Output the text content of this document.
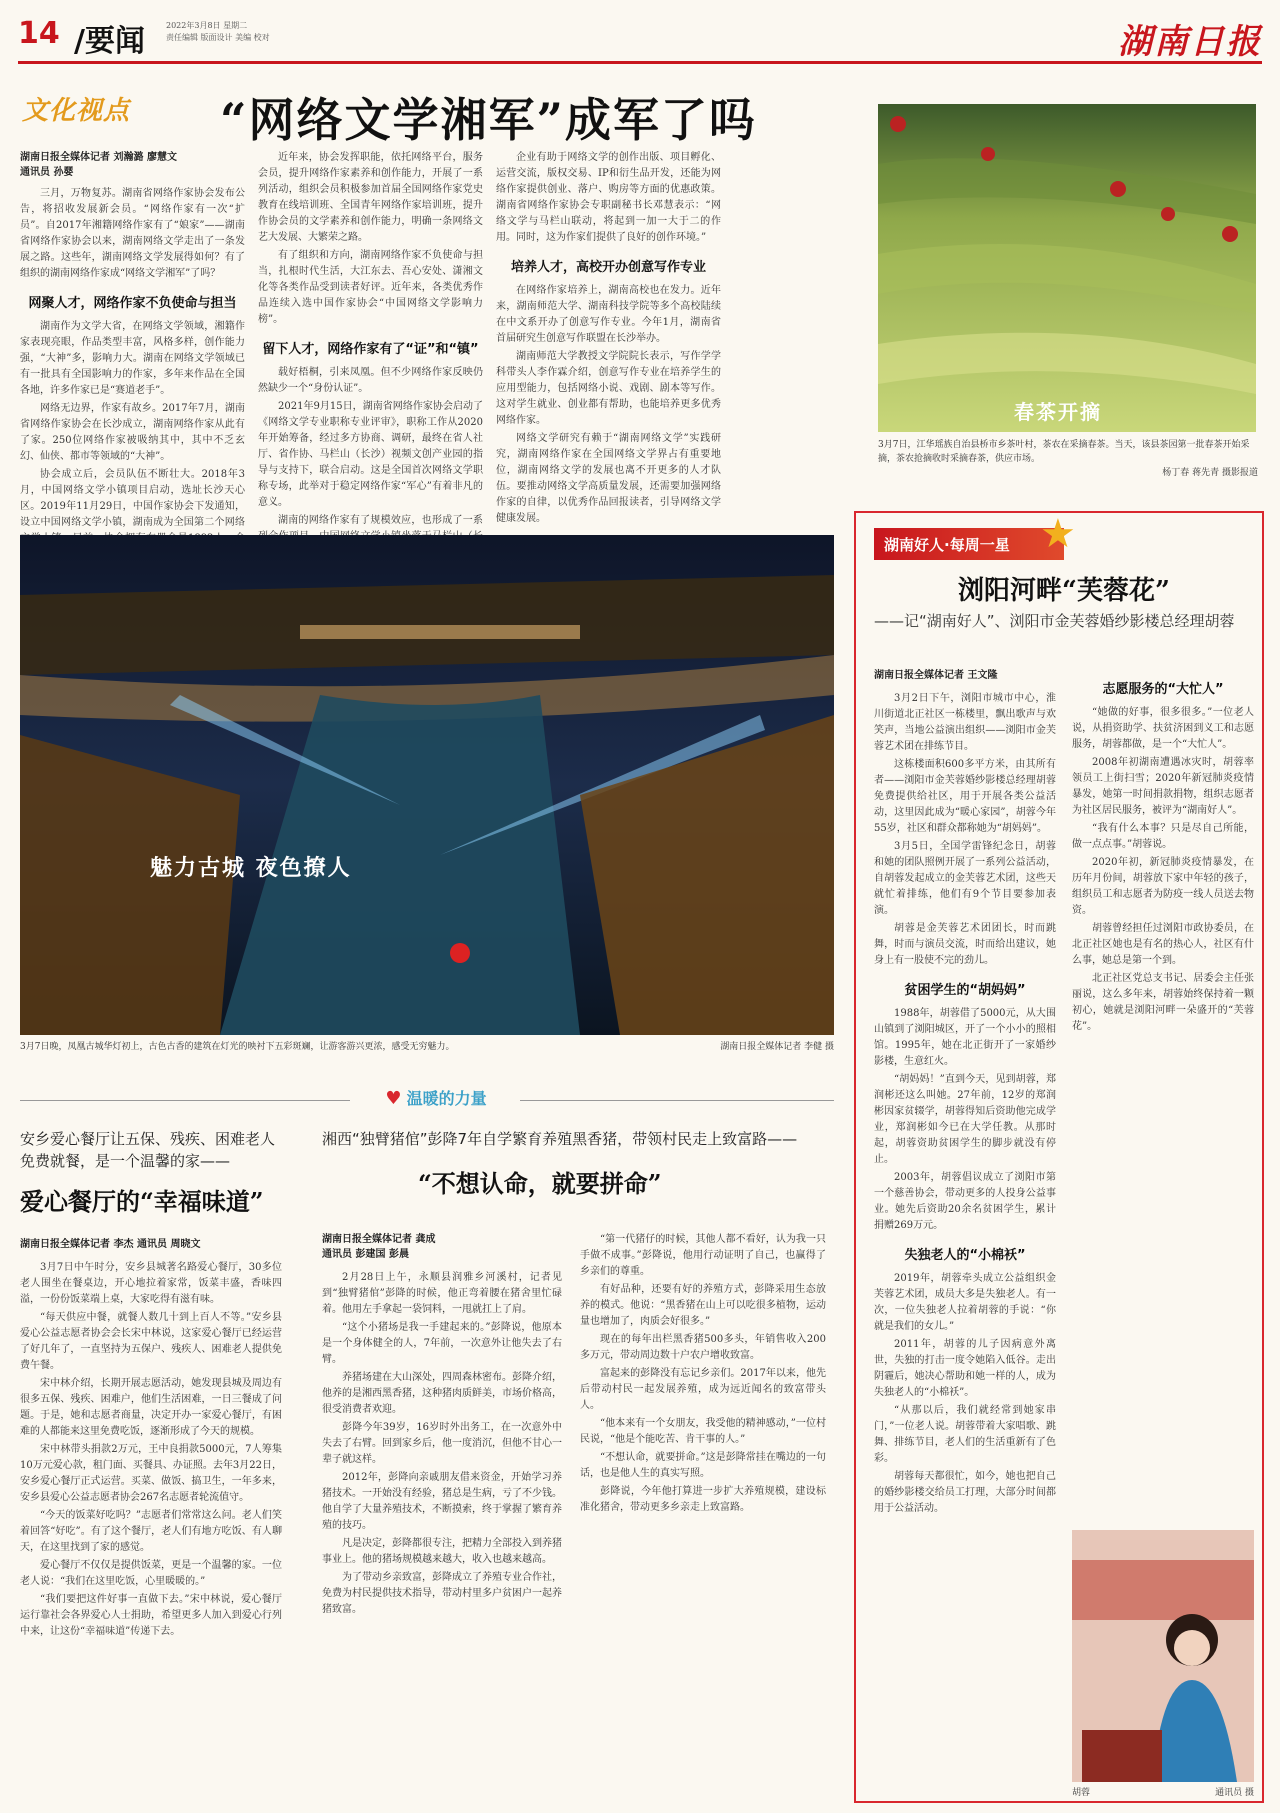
14 /要闻	2022年3月8日 星期二
责任编辑 版面设计 美编 校对	湖南日报
文化视点	“网络文学湘军”成军了吗
湖南日报全媒体记者 刘瀚潞 廖慧文
通讯员 孙婴

三月，万物复苏。湖南省网络作家协会发布公告，将招收发展新会员。“网络作家有一次“扩员”。自2017年湘籍网络作家有了“娘家”——湖南省网络作家协会以来，湖南网络文学走出了一条发展之路。这些年，湖南网络文学发展得如何？有了组织的湖南网络作家成“网络文学湘军”了吗？

网聚人才，网络作家不负使命与担当

湖南作为文学大省，在网络文学领域，湘籍作家表现亮眼，作品类型丰富，风格多样，创作能力强，“大神”多，影响力大。湖南在网络文学领域已有一批具有全国影响力的作家，多年来作品在全国各地，许多作家已是“赛道老手”。

网络无边界，作家有故乡。2017年7月，湖南省网络作家协会在长沙成立，湖南网络作家从此有了家。250位网络作家被吸纳其中，其中不乏玄幻、仙侠、都市等领域的“大神”。

协会成立后，会员队伍不断壮大。2018年3月，中国网络文学小镇项目启动，选址长沙天心区。2019年11月29日，中国作家协会下发通知，设立中国网络文学小镇，湖南成为全国第二个网络

近年来，协会发挥职能，依托网络平台，服务会员，提升网络作家素养和创作能力，开展了一系列活动，组织会员积极参加首届全国网络作家党史教育在线培训班、全国青年网络作家培训班，提升作协会员的文学素养和创作能力，明确一条网络文艺大发展、大繁荣之路。

有了组织和方向，湖南网络作家不负使命与担当，扎根时代生活，大江东去、吾心安处、潇湘文化等各类作品受到读者好评。近年来，各类优秀作品连续入选中国作家协会“中国网络文学影响力榜”。

留下人才，网络作家有了“证”和“镇”

载好梧桐，引来凤凰。但不少网络作家反映仍然缺少一个“身份认证”。

2021年9月15日，湖南省网络作家协会启动了《网络文学专业职称专业评审》，职称工作从2020年开始筹备，经过多方协商、调研，最终在省人社厅、省作协、马栏山（长沙）视频文创产业园的指导与支持下，联合启动。这是全国首次网络文学职称专场，此举对于稳定网络作家“军心”有着非凡的意义。

湖南的网络作家有了规模效应，也形成了一系

企业有助于网络文学的创作出版、项目孵化、运营交流，版权交易、IP和衍生品开发，还能为网络作家提供创业、落户、购房等方面的优惠政策。湖南省网络作家协会专职副秘书长邓慧表示：“网络文学与马栏山联动，将起到一加一大于二的作用。同时，这为作家们提供了良好的创作环境。”

培养人才，高校开办创意写作专业

在网络作家培养上，湖南高校也在发力。近年来，湖南师范大学、湖南科技学院等多个高校陆续在中文系开办了创意写作专业。今年1月，湖南省首届研究生创意写作联盟在长沙举办。

湖南师范大学教授文学院院长表示，写作学学科带头人李作霖介绍，创意写作专业在培养学生的应用型能力，包括网络小说、戏剧、剧本等写作。这对学生就业、创业都有帮助，也能培养更多优秀网络作家。

网络文学研究有赖于“湖南网络文学”实践研究，湖南网络作家在全国网络文学界占有重要地位，湖南网络文学的发展也离不开更多的人才队伍。要推动网络文学高质量发展，还需要加强网络作家的自律，以优秀作品回报读者，引导网络文学健康发展。

春茶开摘
3月7日，江华瑶族自治县桥市乡茶叶村，茶农在采摘春茶。当天，该县茶园第一批春茶开始采摘，茶农抢摘收时采摘春茶，供应市场。
杨丁春 蒋先青 摄影报道
魅力古城 夜色撩人
3月7日晚，凤凰古城华灯初上，古色古香的建筑在灯光的映衬下五彩斑斓，让游客游兴更浓，感受无穷魅力。	湖南日报全媒体记者 李健 摄
♥ 温暖的力量
安乡爱心餐厅让五保、残疾、困难老人免费就餐，是一个温馨的家——
爱心餐厅的“幸福味道”
湖南日报全媒体记者 李杰 通讯员 周晓文

3月7日中午时分，安乡县城著名路爱心餐厅，30多位老人围坐在餐桌边，开心地拉着家常，饭菜丰盛，香味四溢，一份份饭菜端上桌，大家吃得有滋有味。

“每天供应中餐，就餐人数几十到上百人不等。”安乡县爱心公益志愿者协会会长宋中林说，这家爱心餐厅已经运营了好几年了，一直坚持为五保户、残疾人、困难老人提供免费午餐。

宋中林介绍，长期开展志愿活动，她发现县城及周边有很多五保、残疾、困难户，他们生活困难，一日三餐成了问题。于是，她和志愿者商量，决定开办一家爱心餐厅，有困难的人都能来这里免费吃饭，逐渐形成了今天的规模。

宋中林带头捐款2万元，王中良捐款5000元，7人筹集10万元爱心款，租门面、买餐具、办证照。去年3月22日，安乡爱心餐厅正式运营。买菜、做饭、搞卫生，一年多来，安乡县爱心公益志愿者协会267名志愿者轮流值守。

“今天的饭菜好吃吗？”志愿者们常常这么问。老人们笑着回答“好吃”。有了这个餐厅，老人们有地方吃饭、有人聊天，在这里找到了家的感觉。

爱心餐厅不仅仅是提供饭菜，更是一个温馨的家。一位老人说：“我们在这里吃饭，心里暖暖的。”

“我们要把这件好事一直做下去。”宋中林说，爱心餐厅运行靠社会各界爱心人士捐助，希望更多人加入到爱心行列中来，让这份“幸福味道”传递下去。

湘西“独臂猪倌”彭降7年自学繁育养殖黑香猪，带领村民走上致富路——
“不想认命，就要拼命”
湖南日报全媒体记者 龚成
通讯员 彭建国 彭晨

2月28日上午，永顺县润雅乡河溪村，记者见到“独臂猪倌”彭降的时候，他正弯着腰在猪舍里忙碌着。他用左手拿起一袋饲料，一甩就扛上了肩。

“这个小猪场是我一手建起来的。”彭降说，他原本是一个身体健全的人，7年前，一次意外让他失去了右臂。

养猪场建在大山深处，四周森林密布。彭降介绍，他养的是湘西黑香猪，这种猪肉质鲜美，市场价格高，很受消费者欢迎。

彭降今年39岁，16岁时外出务工，在一次意外中失去了右臂。回到家乡后，他一度消沉，但他不甘心一辈子就这样。

2012年，彭降向亲戚朋友借来资金，开始学习养猪技术。一开始没有经验，猪总是生病，亏了不少钱。他自学了大量养殖技术，不断摸索，终于掌握了繁育养殖的技巧。

凡是决定，彭降都很专注，把精力全部投入到养猪事业上。他的猪场规模越来越大，收入也越来越高。

为了带动乡亲致富，彭降成立了养殖专业合作社，免费为村民提供技术指导，带动村里多户贫困户一起养猪致富。

“第一代猪仔的时候，其他人都不看好，认为我一只手做不成事。”彭降说，他用行动证明了自己，也赢得了乡亲们的尊重。

有好品种，还要有好的养殖方式，彭降采用生态放养的模式。他说：“黑香猪在山上可以吃很多植物，运动量也增加了，肉质会好很多。”

现在的每年出栏黑香猪500多头，年销售收入200多万元，带动周边数十户农户增收致富。

富起来的彭降没有忘记乡亲们。2017年以来，他先后带动村民一起发展养殖，成为远近闻名的致富带头人。

“他本来有一个女朋友，我受他的精神感动，”一位村民说，“他是个能吃苦、肯干事的人。”

“不想认命，就要拼命。”这是彭降常挂在嘴边的一句话，也是他人生的真实写照。

彭降说，今年他打算进一步扩大养殖规模，建设标准化猪舍，带动更多乡亲走上致富路。

湖南好人·每周一星 ★
浏阳河畔“芙蓉花”
——记“湖南好人”、浏阳市金芙蓉婚纱影楼总经理胡蓉
湖南日报全媒体记者 王文隆

3月2日下午，浏阳市城市中心，淮川街道北正社区一栋楼里，飘出歌声与欢笑声，当地公益演出组织——浏阳市金芙蓉艺术团在排练节目。

这栋楼面积600多平方米，由其所有者——浏阳市金芙蓉婚纱影楼总经理胡蓉免费提供给社区，用于开展各类公益活动，这里因此成为“暖心家园”，胡蓉今年55岁，社区和群众都称她为“胡妈妈”。

3月5日，全国学雷锋纪念日，胡蓉和她的团队照例开展了一系列公益活动，自胡蓉发起成立的金芙蓉艺术团，这些天就忙着排练，他们有9个节目要参加表演。

胡蓉是金芙蓉艺术团团长，时而跳舞，时而与演员交流，时而给出建议，她身上有一股使不完的劲儿。

贫困学生的“胡妈妈”

1988年，胡蓉借了5000元，从大围山镇到了浏阳城区，开了一个小小的照相馆。1995年，她在北正街开了一家婚纱影楼，生意红火。

“胡妈妈！”直到今天，见到胡蓉，郑润彬还这么叫她。27年前，12岁的郑润彬因家贫辍学，胡蓉得知后资助他完成学业，郑润彬如今已在大学任教。从那时起，胡蓉资助贫困学生的脚步就没有停止。

2003年，胡蓉倡议成立了浏阳市第一个慈善协会，带动更多的人投身公益事业。她先后资助20余名贫困学生，累计捐赠269万元。

失独老人的“小棉袄”

2019年，胡蓉牵头成立公益组织金芙蓉艺术团，成员大多是失独老人。有一次，一位失独老人拉着胡蓉的手说：“你就是我们的女儿。”

2011年，胡蓉的儿子因病意外离世，失独的打击一度令她陷入低谷。走出阴霾后，她决心帮助和她一样的人，成为失独老人的“小棉袄”。

“从那以后，我们就经常到她家串门，”一位老人说。胡蓉带着大家唱歌、跳舞、排练节目，老人们的生活重新有了色彩。

胡蓉每天都很忙，如今，她也把自己的婚纱影楼交给员工打理，大部分时间都用于公益活动。

志愿服务的“大忙人”

“她做的好事，很多很多。”一位老人说，从捐资助学、扶贫济困到义工和志愿服务，胡蓉都做，是一个“大忙人”。

2008年初湖南遭遇冰灾时，胡蓉率领员工上街扫雪；2020年新冠肺炎疫情暴发，她第一时间捐款捐物，组织志愿者为社区居民服务，被评为“湖南好人”。

“我有什么本事？只是尽自己所能，做一点点事。”胡蓉说。

2020年初，新冠肺炎疫情暴发，在历年月份间，胡蓉放下家中年轻的孩子，组织员工和志愿者为防疫一线人员送去物资。

胡蓉曾经担任过浏阳市政协委员，在北正社区她也是有名的热心人，社区有什么事，她总是第一个到。

北正社区党总支书记、居委会主任张丽说，这么多年来，胡蓉始终保持着一颗初心，她就是浏阳河畔一朵盛开的“芙蓉花”。

胡蓉	通讯员 摄
